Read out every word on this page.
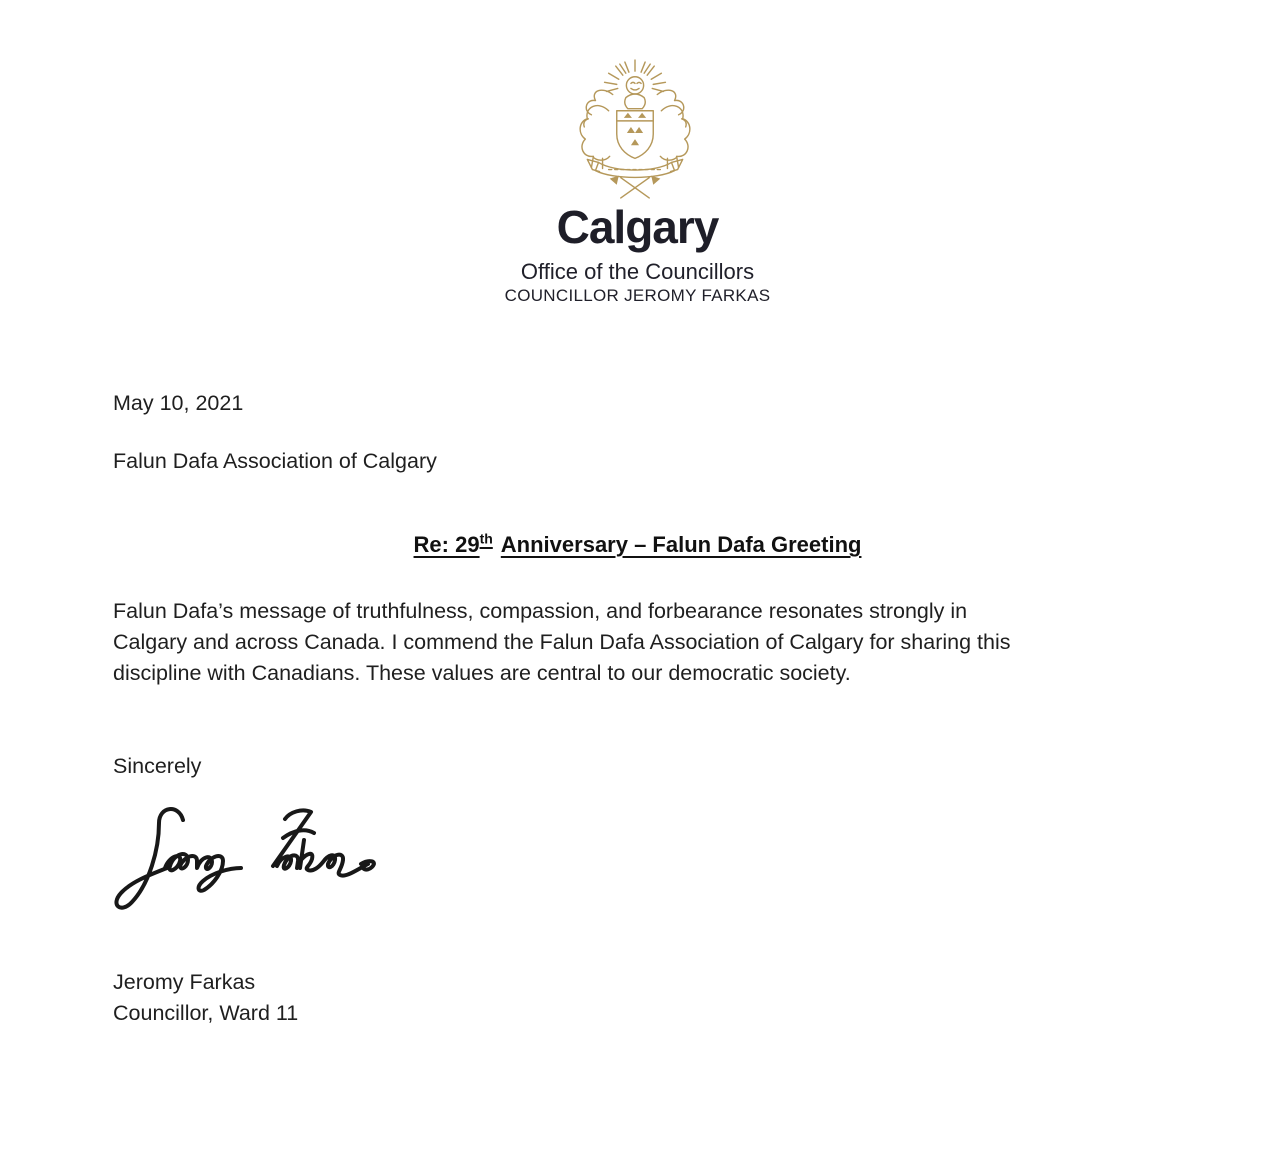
Calgary
Office of the Councillors
COUNCILLOR JEROMY FARKAS
May 10, 2021
Falun Dafa Association of Calgary
Re: 29th Anniversary – Falun Dafa Greeting
Falun Dafa’s message of truthfulness, compassion, and forbearance resonates strongly in
Calgary and across Canada. I commend the Falun Dafa Association of Calgary for sharing this
discipline with Canadians. These values are central to our democratic society.
Sincerely
Jeromy Farkas
Councillor, Ward 11
